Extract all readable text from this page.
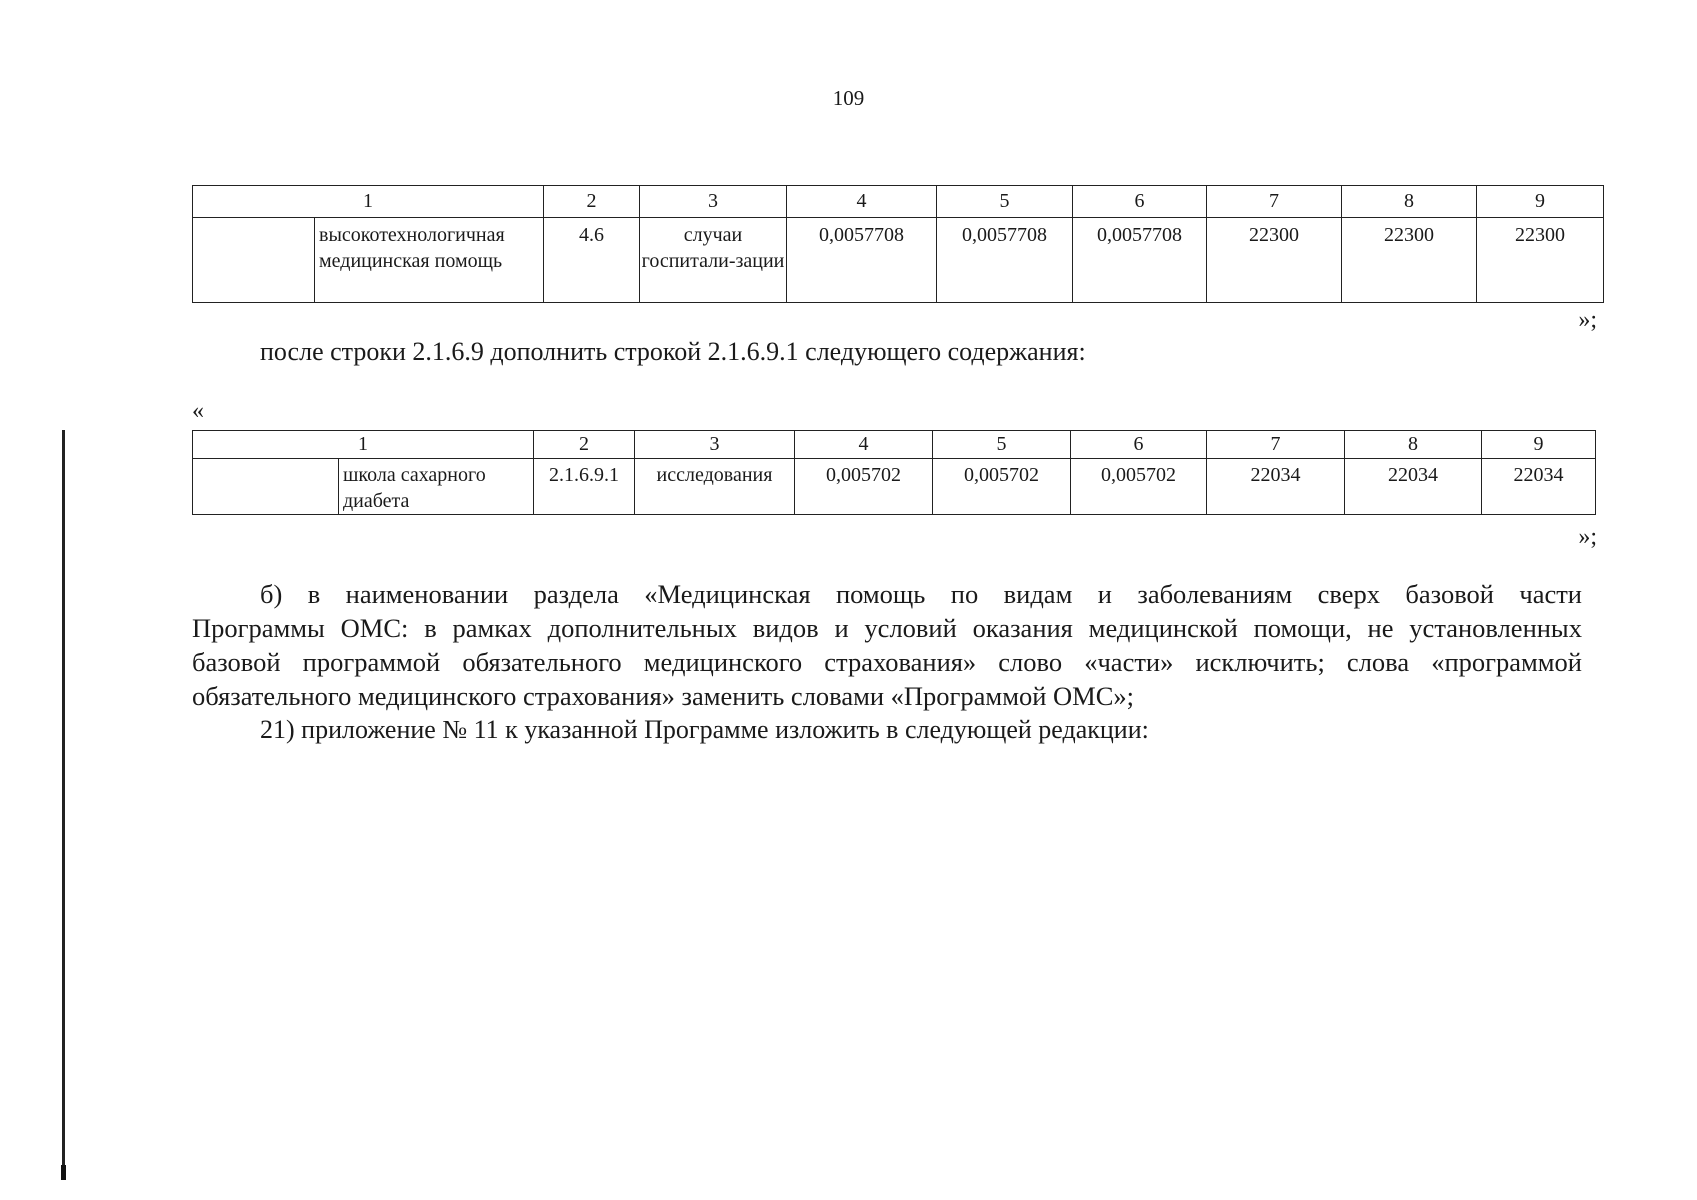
109
1		2	3	4	5	6	7	8	9
	высокотехнологичная медицинская помощь	4.6	случаи госпитали-зации	0,0057708	0,0057708	0,0057708	22300	22300	22300
»;
после строки 2.1.6.9 дополнить строкой 2.1.6.9.1 следующего содержания:
«
1		2	3	4	5	6	7	8	9
	школа сахарного диабета	2.1.6.9.1	исследования	0,005702	0,005702	0,005702	22034	22034	22034
»;
б) в наименовании раздела «Медицинская помощь по видам и заболеваниям сверх базовой части
Программы ОМС: в рамках дополнительных видов и условий оказания медицинской помощи, не установленных
базовой программой обязательного медицинского страхования» слово «части» исключить; слова «программой
обязательного медицинского страхования» заменить словами «Программой ОМС»;
21) приложение № 11 к указанной Программе изложить в следующей редакции:
